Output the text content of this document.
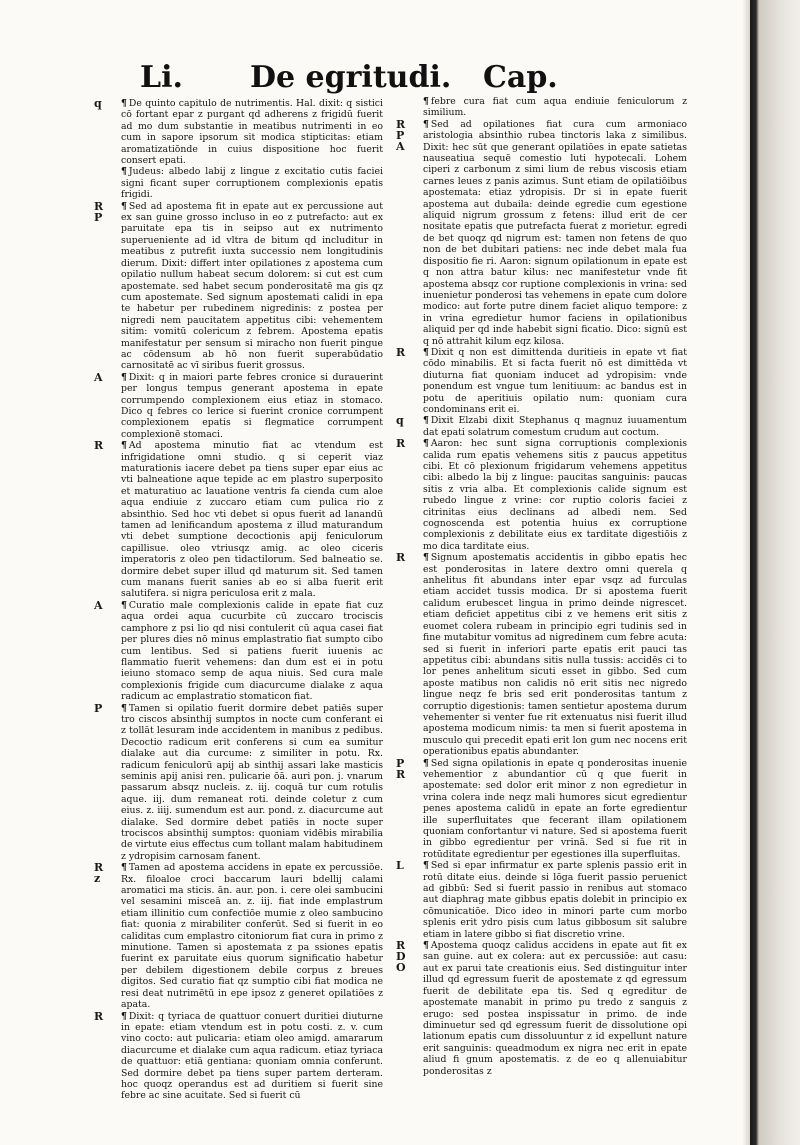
Li. De egritudi. Cap.

q ¶ De quinto capitulo de nutrimentis. Hal. dixit: q sistici cō fortant epar z purgant qd adherens z frigidū fuerit ad mo dum substantie in meatibus nutrimenti in eo cum in sapore ipsorum sit modica stipticitas: etiam aromatizatiōnde in cuius dispositione hoc fuerit consert epati.

¶ Judeus: albedo labij z lingue z excitatio cutis faciei signi ficant super corruptionem complexionis epatis frigidi.

R
P
¶ Sed ad apostema fit in epate aut ex percussione aut ex san guine grosso incluso in eo z putrefacto: aut ex paruitate epa tis in seipso aut ex nutrimento superueniente ad id vltra de bitum qd includitur in meatibus z putrefit iuxta successio nem longitudinis dierum. Dixit: differt inter opilationes z apostema cum opilatio nullum habeat secum dolorem: si cut est cum apostemate. sed habet secum ponderositatē ma gis qz cum apostemate. Sed signum apostemati calidi in epa te habetur per rubedinem nigredinis: z postea per nigredi nem paucitatem appetitus cibi: vehementem sitim: vomitū colericum z febrem. Apostema epatis manifestatur per sensum si miracho non fuerit pingue ac cōdensum ab hō non fuerit superabūdatio carnositatē ac vī siribus fuerit grossus.

A ¶ Dixit: q in maiori parte febres cronice si durauerint per longus tempus generant apostema in epate corrumpendo complexionem eius etiaz in stomaco. Dico q febres co lerice si fuerint cronice corrumpent complexionem epatis si flegmatice corrumpent complexionē stomaci.

R ¶ Ad apostema minutio fiat ac vtendum est infrigidatione omni studio. q si ceperit viaz maturationis iacere debet pa tiens super epar eius ac vti balneatione aque tepide ac em plastro superposito et maturatiuo ac lauatione ventris fa cienda cum aloe aqua endiuie z zuccaro etiam cum pulica rio z absinthio. Sed hoc vti debet si opus fuerit ad lanandū tamen ad lenificandum apostema z illud maturandum vti debet sumptione decoctionis apij feniculorum capillisue. oleo vtriusqz amig. ac oleo ciceris imperatoris z oleo pen tidactilorum. Sed balneatio se. dormire debet super illud qd maturum sit. Sed tamen cum manans fuerit sanies ab eo si alba fuerit erit salutifera. si nigra periculosa erit z mala.

A ¶ Curatio male complexionis calide in epate fiat cuz aqua ordei aqua cucurbite cū zuccaro trociscis camphore z psi lio qd nisi contulerit cū aqua casei fiat per plures dies nō minus emplastratio fiat sumpto cibo cum lentibus. Sed si patiens fuerit iuuenis ac flammatio fuerit vehemens: dan dum est ei in potu ieiuno stomaco semp de aqua niuis. Sed cura male complexionis frigide cum diacurcume dialake z aqua radicum ac emplastratio stomaticon fiat.

P ¶ Tamen si opilatio fuerit dormire debet patiēs super tro ciscos absinthij sumptos in nocte cum conferant ei z tollāt lesuram inde accidentem in manibus z pedibus. Decoctio radicum erit conferens si cum ea sumitur dialake aut dia curcume: z similiter in potu. Rx. radicum feniculorū apij ab sinthij assari lake masticis seminis apij anisi ren. pulicarie ōā. auri pon. j. vnarum passarum absqz nucleis. z. iij. coquā tur cum rotulis aque. iij. dum remaneat roti. deinde coletur z cum eius. z. iiij. sumendum est aur. pond. z. diacurcume aut dialake. Sed dormire debet patiēs in nocte super trociscos absinthij sumptos: quoniam vidēbis mirabilia de virtute eius effectus cum tollant malam habitudinem z ydropisim carnosam fanent.

R
z
¶ Tamen ad apostema accidens in epate ex percussiōe. Rx. filoaloe croci baccarum lauri bdellij calami aromatici ma sticis. ān. aur. pon. i. cere olei sambucini vel sesamini misceā an. z. iij. fiat inde emplastrum etiam illinitio cum confectiōe mumie z oleo sambucino fiat: quonia z mirabiliter conferūt. Sed si fuerit in eo caliditas cum emplastro citoniorum fiat cura in primo z minutione. Tamen si apostemata z pa ssiones epatis fuerint ex paruitate eius quorum significatio habetur per debilem digestionem debile corpus z breues digitos. Sed curatio fiat qz sumptio cibi fiat modica ne resi deat nutrimētū in epe ipsoz z generet opilatiōes z apata.

R ¶ Dixit: q tyriaca de quattuor conuert duritiei diuturne in epate: etiam vtendum est in potu costi. z. v. cum vino cocto: aut pulicaria: etiam oleo amigd. amararum diacurcume et dialake cum aqua radicum. etiaz tyriaca de quattuor: etiā gentiana: quoniam omnia conferunt. Sed dormire debet pa tiens super partem derteram. hoc quoqz operandus est ad duritiem si fuerit sine febre ac sine acuitate. Sed si fuerit cū

¶ febre cura fiat cum aqua endiuie feniculorum z similium.

R
P
A
¶ Sed ad opilationes fiat cura cum armoniaco aristologia absinthio rubea tinctoris laka z similibus. Dixit: hec sūt que generant opilatiōes in epate satietas nauseatiua sequē comestio luti hypotecali. Lohem ciperi z carbonum z simi lium de rebus viscosis etiam carnes leues z panis azimus. Sunt etiam de opilatiōibus apostemata: etiaz ydropisis. Dr si in epate fuerit apostema aut dubaila: deinde egredie cum egestione aliquid nigrum grossum z fetens: illud erit de cer nositate epatis que putrefacta fuerat z morietur. egredi de bet quoqz qd nigrum est: tamen non fetens de quo non de bet dubitari patiens: nec inde debet mala fua dispositio fie ri. Aaron: signum opilationum in epate est q non attra batur kilus: nec manifestetur vnde fit apostema absqz cor ruptione complexionis in vrina: sed inuenietur ponderosi tas vehemens in epate cum dolore modico: aut forte putre dinem faciet aliquo tempore: z in vrina egredietur humor faciens in opilationibus aliquid per qd inde habebit signi ficatio. Dico: signū est q nō attrahit kilum eqz kilosa.

R ¶ Dixit q non est dimittenda duritieis in epate vt fiat cōdo minabilis. Et si facta fuerit nō est dimittēda vt diuturna fiat quoniam inducet ad ydropisim: vnde ponendum est vngue tum lenitiuum: ac bandus est in potu de aperitiuis opilatio num: quoniam cura condominans erit ei.

q ¶ Dixit Elzabi dixit Stephanus q magnuz iuuamentum dat epati solatrum comestum crudum aut coctum.

R ¶ Aaron: hec sunt signa corruptionis complexionis calida rum epatis vehemens sitis z paucus appetitus cibi. Et cō plexionum frigidarum vehemens appetitus cibi: albedo la bij z lingue: paucitas sanguinis: paucas sitis z vria alba. Et complexionis calide signum est rubedo lingue z vrine: cor ruptio coloris faciei z citrinitas eius declinans ad albedi nem. Sed cognoscenda est potentia huius ex corruptione complexionis z debilitate eius ex tarditate digestiōis z mo dica tarditate eius.

R ¶ Signum apostematis accidentis in gibbo epatis hec est ponderositas in latere dextro omni querela q anhelitus fit abundans inter epar vsqz ad furculas etiam accidet tussis modica. Dr si apostema fuerit calidum erubescet lingua in primo deinde nigrescet. etiam deficiet appetitus cibi z ve hemens erit sitis z euomet colera rubeam in principio egri tudinis sed in fine mutabitur vomitus ad nigredinem cum febre acuta: sed si fuerit in inferiori parte epatis erit pauci tas appetitus cibi: abundans sitis nulla tussis: accidēs ci to lor penes anhelitum sicuti esset in gibbo. Sed cum aposte matibus non calidis nō erit sitis nec nigredo lingue neqz fe bris sed erit ponderositas tantum z corruptio digestionis: tamen sentietur apostema durum vehementer si venter fue rit extenuatus nisi fuerit illud apostema modicum nimis: ta men si fuerit apostema in musculo qui precedit epati erit lon gum nec nocens erit operationibus epatis abundanter.

P
R
¶ Sed signa opilationis in epate q ponderositas inuenie vehementior z abundantior cū q que fuerit in apostemate: sed dolor erit minor z non egredietur in vrina colera inde neqz mali humores sicut egredientur penes apostema calidū in epate an forte egredientur ille superfluitates que fecerant illam opilationem quoniam confortantur vi nature. Sed si apostema fuerit in gibbo egredientur per vrinā. Sed si fue rit in rotūditate egredientur per egestiones illa superfluitas.

L ¶ Sed si epar infirmatur ex parte splenis passio erit in rotū ditate eius. deinde si lōga fuerit passio peruenict ad gibbū: Sed si fuerit passio in renibus aut stomaco aut diaphrag mate gibbus epatis dolebit in principio ex cōmunicatiōe. Dico ideo in minori parte cum morbo splenis erit ydro pisis cum latus gibbosum sit salubre etiam in latere gibbo si fiat discretio vrine.

R
D
O
¶ Apostema quoqz calidus accidens in epate aut fit ex san guine. aut ex colera: aut ex percussiōe: aut casu: aut ex parui tate creationis eius. Sed distinguitur inter illud qd egressum fuerit de apostemate z qd egressum fuerit de debilitate epa tis. Sed q egreditur de apostemate manabit in primo pu tredo z sanguis z erugo: sed postea inspissatur in primo. de inde diminuetur sed qd egressum fuerit de dissolutione opi lationum epatis cum dissoluuntur z id expellunt nature erit sanguinis: queadmodum ex nigra nec erit in epate aliud fi gnum apostematis. z de eo q allenuiabitur ponderositas z
